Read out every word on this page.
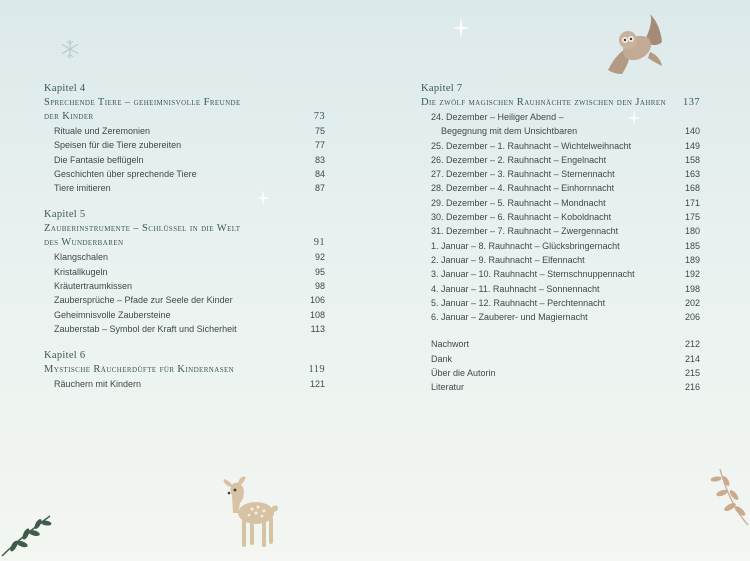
Kapitel 4
Sprechende Tiere – geheimnisvolle Freunde
der Kinder	73
Rituale und Zeremonien	75
Speisen für die Tiere zubereiten	77
Die Fantasie beflügeln	83
Geschichten über sprechende Tiere	84
Tiere imitieren	87
Kapitel 5
Zauberinstrumente – Schlüssel in die Welt
des Wunderbaren	91
Klangschalen	92
Kristallkugeln	95
Kräutertraumkissen	98
Zaubersprüche – Pfade zur Seele der Kinder	106
Geheimnisvolle Zaubersteine	108
Zauberstab – Symbol der Kraft und Sicherheit	113
Kapitel 6
Mystische Räucherdüfte für Kindernasen	119
Räuchern mit Kindern	121
Kapitel 7
Die zwölf magischen Rauhnächte zwischen den Jahren	137
24. Dezember – Heiliger Abend –
Begegnung mit dem Unsichtbaren	140
25. Dezember – 1. Rauhnacht – Wichtelweihnacht	149
26. Dezember – 2. Rauhnacht – Engelnacht	158
27. Dezember – 3. Rauhnacht – Sternennacht	163
28. Dezember – 4. Rauhnacht – Einhornnacht	168
29. Dezember – 5. Rauhnacht – Mondnacht	171
30. Dezember – 6. Rauhnacht – Koboldnacht	175
31. Dezember – 7. Rauhnacht – Zwergennacht	180
1. Januar – 8. Rauhnacht – Glücksbringernacht	185
2. Januar – 9. Rauhnacht – Elfennacht	189
3. Januar – 10. Rauhnacht – Sternschnuppennacht	192
4. Januar – 11. Rauhnacht – Sonnennacht	198
5. Januar – 12. Rauhnacht – Perchtennacht	202
6. Januar – Zauberer- und Magiernacht	206
Nachwort	212
Dank	214
Über die Autorin	215
Literatur	216
